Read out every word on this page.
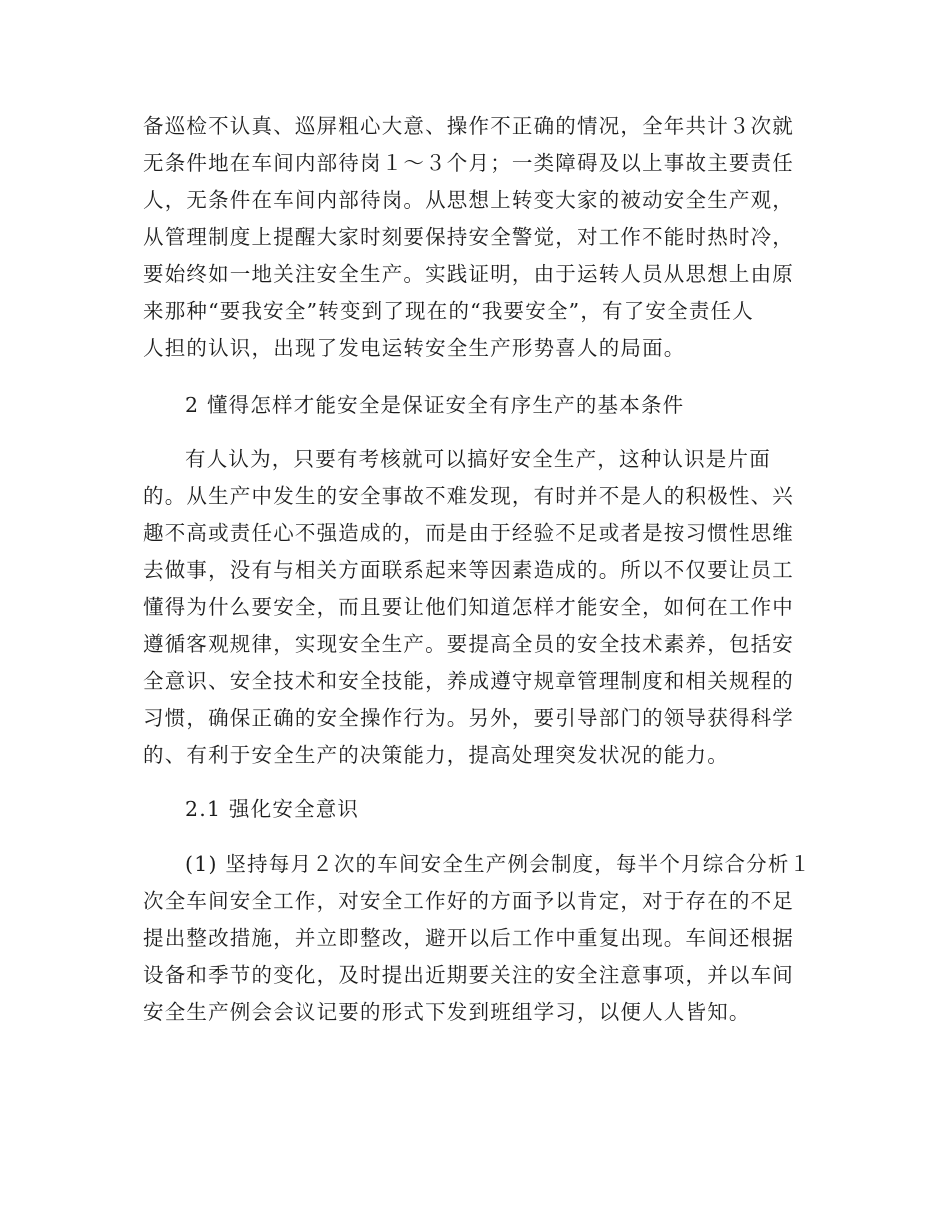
备巡检不认真、巡屏粗心大意、操作不正确的情况，全年共计３次就

无条件地在车间内部待岗１～３个月；一类障碍及以上事故主要责任

人，无条件在车间内部待岗。从思想上转变大家的被动安全生产观，

从管理制度上提醒大家时刻要保持安全警觉，对工作不能时热时冷，

要始终如一地关注安全生产。实践证明，由于运转人员从思想上由原

来那种“要我安全”转变到了现在的“我要安全”，有了安全责任人

人担的认识，出现了发电运转安全生产形势喜人的局面。

2 懂得怎样才能安全是保证安全有序生产的基本条件

有人认为，只要有考核就可以搞好安全生产，这种认识是片面

的。从生产中发生的安全事故不难发现，有时并不是人的积极性、兴

趣不高或责任心不强造成的，而是由于经验不足或者是按习惯性思维

去做事，没有与相关方面联系起来等因素造成的。所以不仅要让员工

懂得为什么要安全，而且要让他们知道怎样才能安全，如何在工作中

遵循客观规律，实现安全生产。要提高全员的安全技术素养，包括安

全意识、安全技术和安全技能，养成遵守规章管理制度和相关规程的

习惯，确保正确的安全操作行为。另外，要引导部门的领导获得科学

的、有利于安全生产的决策能力，提高处理突发状况的能力。

2.1 强化安全意识

(1) 坚持每月２次的车间安全生产例会制度，每半个月综合分析１

次全车间安全工作，对安全工作好的方面予以肯定，对于存在的不足

提出整改措施，并立即整改，避开以后工作中重复出现。车间还根据

设备和季节的变化，及时提出近期要关注的安全注意事项，并以车间

安全生产例会会议记要的形式下发到班组学习，以便人人皆知。
